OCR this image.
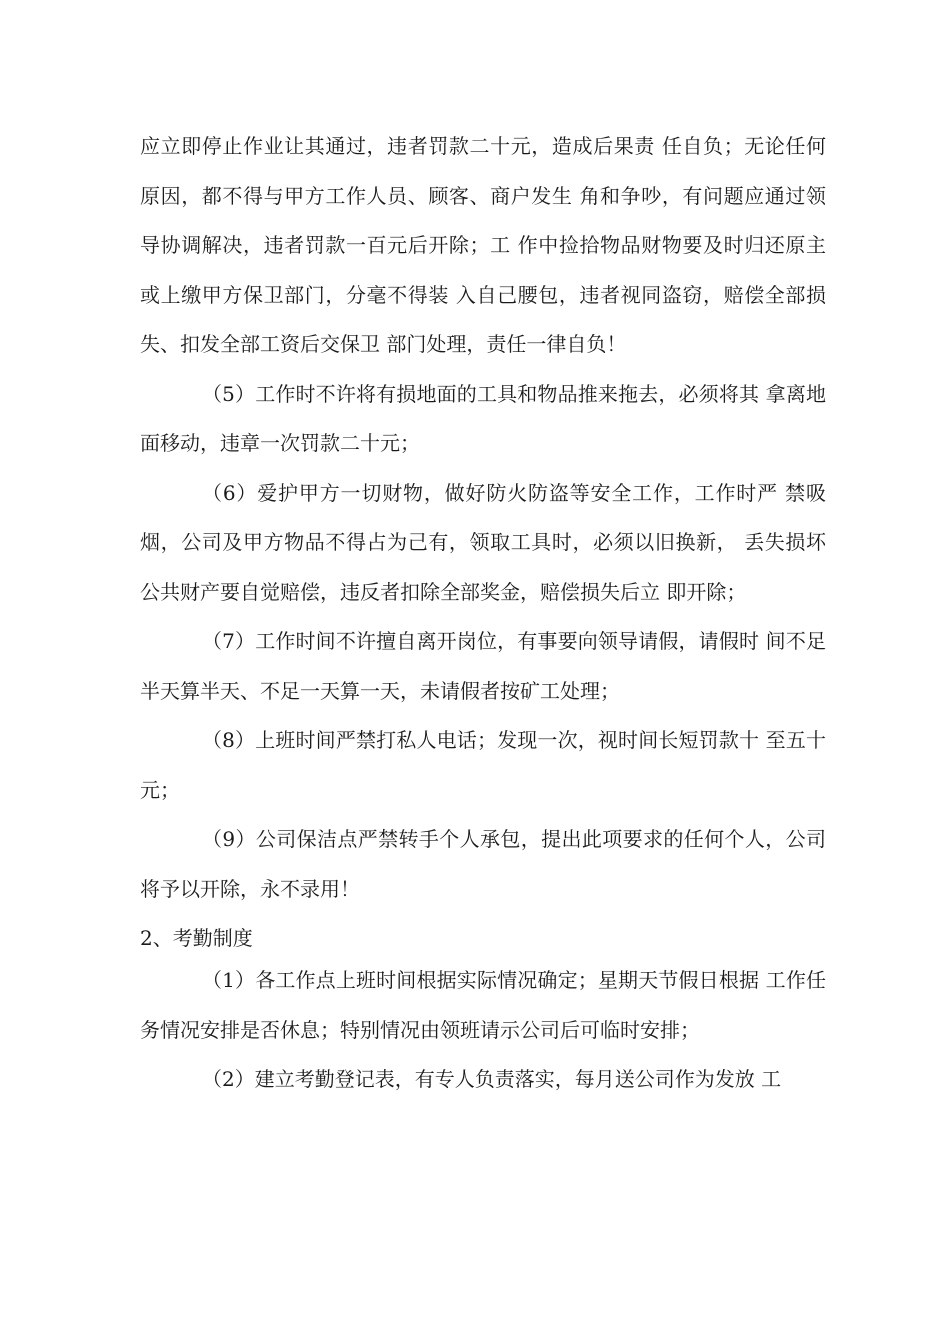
应立即停止作业让其通过，违者罚款二十元，造成后果责 任自负；无论任何原因，都不得与甲方工作人员、顾客、商户发生 角和争吵，有问题应通过领导协调解决，违者罚款一百元后开除；工 作中捡拾物品财物要及时归还原主或上缴甲方保卫部门，分毫不得装 入自己腰包，违者视同盗窃，赔偿全部损失、扣发全部工资后交保卫 部门处理，责任一律自负！

（5）工作时不许将有损地面的工具和物品推来拖去，必须将其 拿离地面移动，违章一次罚款二十元；

（6）爱护甲方一切财物，做好防火防盗等安全工作，工作时严 禁吸烟，公司及甲方物品不得占为己有，领取工具时，必须以旧换新， 丢失损坏公共财产要自觉赔偿，违反者扣除全部奖金，赔偿损失后立 即开除；

（7）工作时间不许擅自离开岗位，有事要向领导请假，请假时 间不足半天算半天、不足一天算一天，未请假者按矿工处理；

（8）上班时间严禁打私人电话；发现一次，视时间长短罚款十 至五十元；

（9）公司保洁点严禁转手个人承包，提出此项要求的任何个人，公司将予以开除，永不录用！

2、考勤制度

（1）各工作点上班时间根据实际情况确定；星期天节假日根据 工作任务情况安排是否休息；特别情况由领班请示公司后可临时安排；

（2）建立考勤登记表，有专人负责落实，每月送公司作为发放 工
